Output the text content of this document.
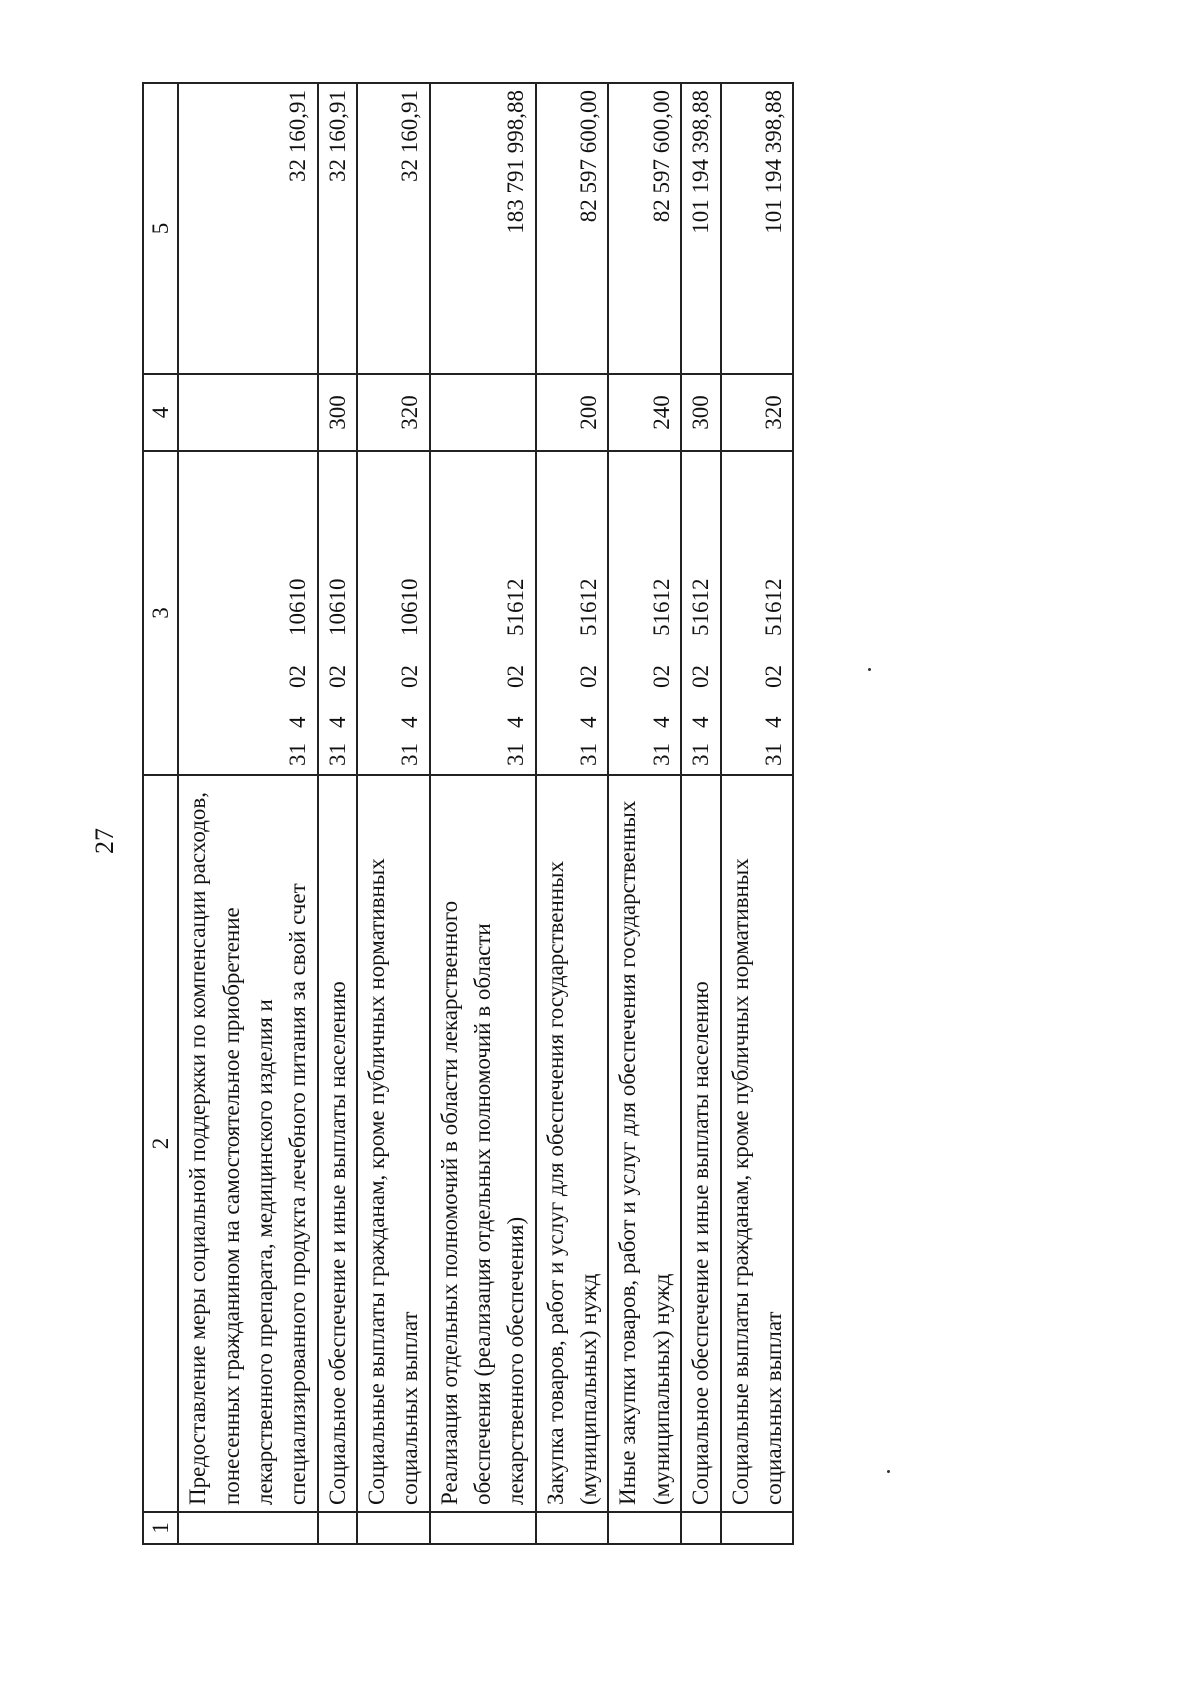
27
1	2	3	4	5
	Предоставление меры социальной поддержки по компенсации расходов, понесенных гражданином на самостоятельное приобретение лекарственного препарата, медицинского изделия и специализированного продукта лечебного питания за свой счет	3140210610		32 160,91
	Социальное обеспечение и иные выплаты населению	3140210610	300	32 160,91
	Социальные выплаты гражданам, кроме публичных нормативных социальных выплат	3140210610	320	32 160,91
	Реализация отдельных полномочий в области лекарственного обеспечения (реализация отдельных полномочий в области лекарственного обеспечения)	3140251612		183 791 998,88
	Закупка товаров, работ и услуг для обеспечения государственных (муниципальных) нужд	3140251612	200	82 597 600,00
	Иные закупки товаров, работ и услуг для обеспечения государственных (муниципальных) нужд	3140251612	240	82 597 600,00
	Социальное обеспечение и иные выплаты населению	3140251612	300	101 194 398,88
	Социальные выплаты гражданам, кроме публичных нормативных социальных выплат	3140251612	320	101 194 398,88
